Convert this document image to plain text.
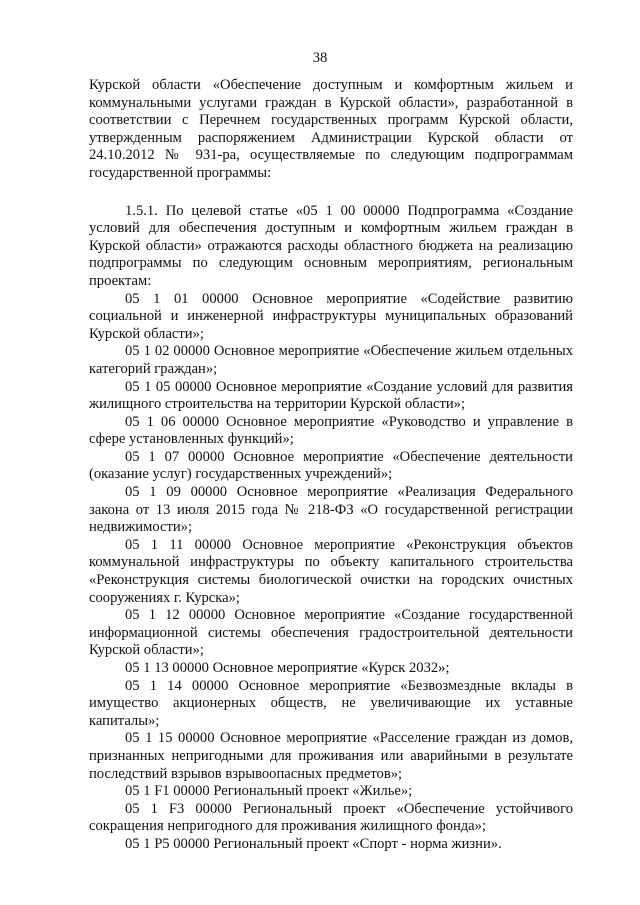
38

Курской области «Обеспечение доступным и комфортным жильем и коммунальными услугами граждан в Курской области», разработанной в соответствии с Перечнем государственных программ Курской области, утвержденным распоряжением Администрации Курской области от 24.10.2012 № 931-ра, осуществляемые по следующим подпрограммам государственной программы:

1.5.1. По целевой статье «05 1 00 00000 Подпрограмма «Создание условий для обеспечения доступным и комфортным жильем граждан в Курской области» отражаются расходы областного бюджета на реализацию подпрограммы по следующим основным мероприятиям, региональным проектам:

05 1 01 00000 Основное мероприятие «Содействие развитию социальной и инженерной инфраструктуры муниципальных образований Курской области»;

05 1 02 00000 Основное мероприятие «Обеспечение жильем отдельных категорий граждан»;

05 1 05 00000 Основное мероприятие «Создание условий для развития жилищного строительства на территории Курской области»;

05 1 06 00000 Основное мероприятие «Руководство и управление в сфере установленных функций»;

05 1 07 00000 Основное мероприятие «Обеспечение деятельности (оказание услуг) государственных учреждений»;

05 1 09 00000 Основное мероприятие «Реализация Федерального закона от 13 июля 2015 года № 218-ФЗ «О государственной регистрации недвижимости»;

05 1 11 00000 Основное мероприятие «Реконструкция объектов коммунальной инфраструктуры по объекту капитального строительства «Реконструкция системы биологической очистки на городских очистных сооружениях г. Курска»;

05 1 12 00000 Основное мероприятие «Создание государственной информационной системы обеспечения градостроительной деятельности Курской области»;

05 1 13 00000 Основное мероприятие «Курск 2032»;

05 1 14 00000 Основное мероприятие «Безвозмездные вклады в имущество акционерных обществ, не увеличивающие их уставные капиталы»;

05 1 15 00000 Основное мероприятие «Расселение граждан из домов, признанных непригодными для проживания или аварийными в результате последствий взрывов взрывоопасных предметов»;

05 1 F1 00000 Региональный проект «Жилье»;

05 1 F3 00000 Региональный проект «Обеспечение устойчивого сокращения непригодного для проживания жилищного фонда»;

05 1 P5 00000 Региональный проект «Спорт - норма жизни».
